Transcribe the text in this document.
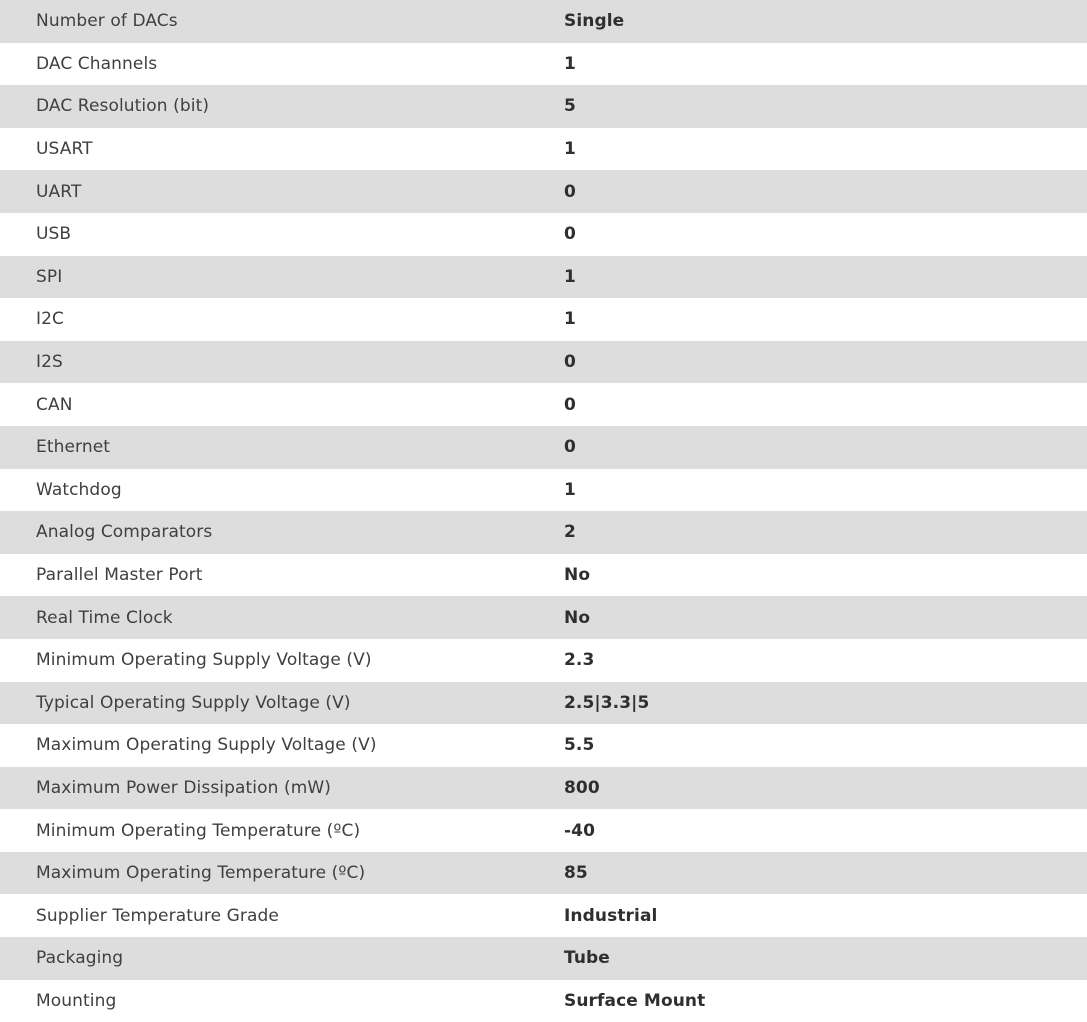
Number of DACs	Single
DAC Channels	1
DAC Resolution (bit)	5
USART	1
UART	0
USB	0
SPI	1
I2C	1
I2S	0
CAN	0
Ethernet	0
Watchdog	1
Analog Comparators	2
Parallel Master Port	No
Real Time Clock	No
Minimum Operating Supply Voltage (V)	2.3
Typical Operating Supply Voltage (V)	2.5|3.3|5
Maximum Operating Supply Voltage (V)	5.5
Maximum Power Dissipation (mW)	800
Minimum Operating Temperature (ºC)	-40
Maximum Operating Temperature (ºC)	85
Supplier Temperature Grade	Industrial
Packaging	Tube
Mounting	Surface Mount
